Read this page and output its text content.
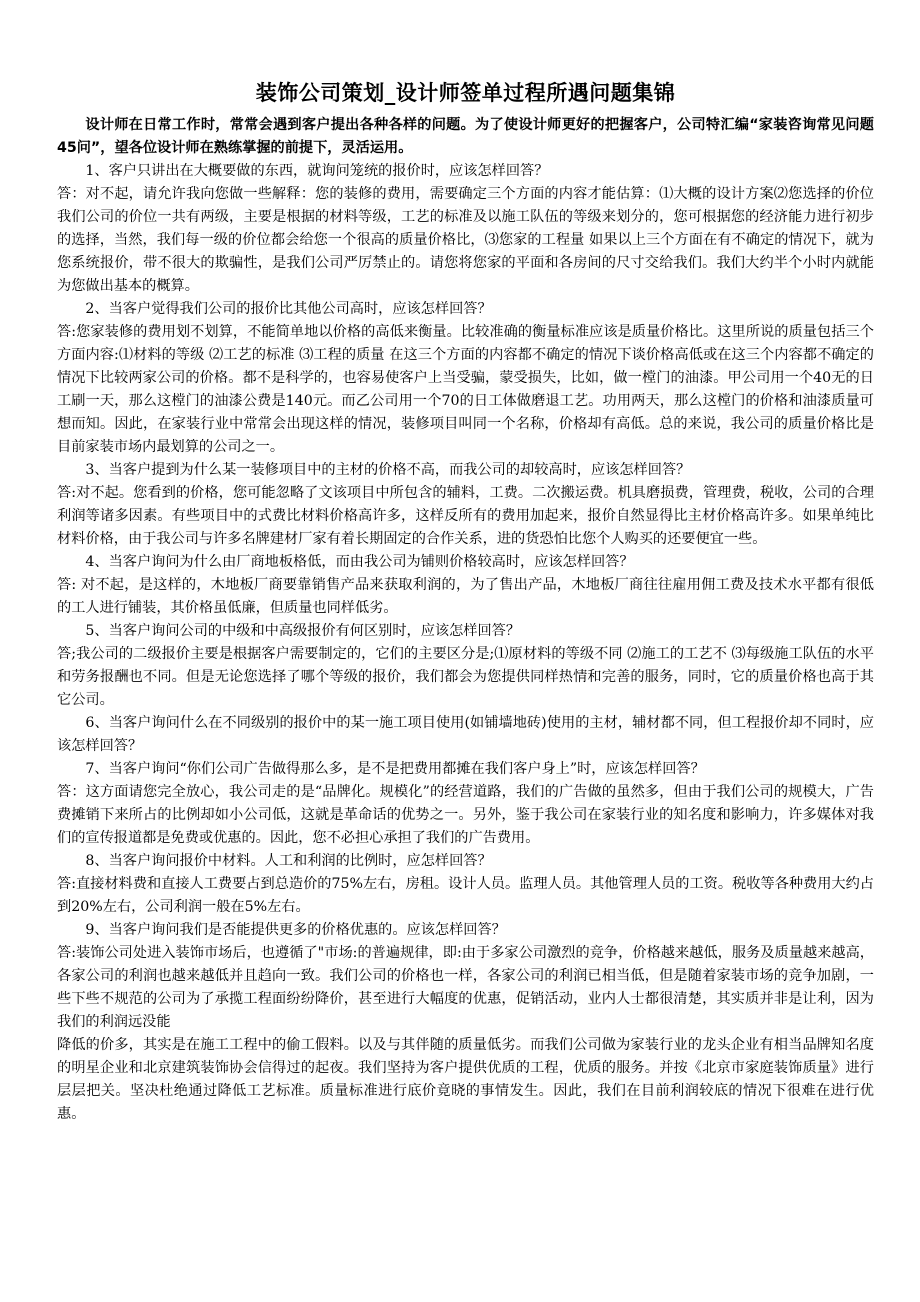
装饰公司策划_设计师签单过程所遇问题集锦

设计师在日常工作时，常常会遇到客户提出各种各样的问题。为了使设计师更好的把握客户，公司特汇编“家装咨询常见问题45问”，望各位设计师在熟练掌握的前提下，灵活运用。

1、客户只讲出在大概要做的东西，就询问笼统的报价时，应该怎样回答？

答：对不起，请允许我向您做一些解释：您的装修的费用，需要确定三个方面的内容才能估算：⑴大概的设计方案⑵您选择的价位我们公司的价位一共有两级，主要是根据的材料等级，工艺的标准及以施工队伍的等级来划分的，您可根据您的经济能力进行初步的选择，当然，我们每一级的价位都会给您一个很高的质量价格比，⑶您家的工程量 如果以上三个方面在有不确定的情况下，就为您系统报价，带不很大的欺骗性，是我们公司严厉禁止的。请您将您家的平面和各房间的尺寸交给我们。我们大约半个小时内就能为您做出基本的概算。

2、当客户觉得我们公司的报价比其他公司高时，应该怎样回答？

答:您家装修的费用划不划算，不能简单地以价格的高低来衡量。比较准确的衡量标准应该是质量价格比。这里所说的质量包括三个方面内容:⑴材料的等级 ⑵工艺的标准 ⑶工程的质量 在这三个方面的内容都不确定的情况下谈价格高低或在这三个内容都不确定的情况下比较两家公司的价格。都不是科学的，也容易使客户上当受骗，蒙受损失，比如，做一樘门的油漆。甲公司用一个40无的日工刷一天，那么这樘门的油漆公费是140元。而乙公司用一个70的日工体做磨退工艺。功用两天，那么这樘门的价格和油漆质量可想而知。因此，在家装行业中常常会出现这样的情况，装修项目叫同一个名称，价格却有高低。总的来说，我公司的质量价格比是目前家装市场内最划算的公司之一。

3、当客户提到为什么某一装修项目中的主材的价格不高，而我公司的却较高时，应该怎样回答？

答:对不起。您看到的价格，您可能忽略了文该项目中所包含的辅料，工费。二次搬运费。机具磨损费，管理费，税收，公司的合理利润等诸多因素。有些项目中的式费比材料价格高许多，这样反所有的费用加起来，报价自然显得比主材价格高许多。如果单纯比材料价格，由于我公司与许多名牌建材厂家有着长期固定的合作关系，进的货恐怕比您个人购买的还要便宜一些。

4、当客户询问为什么由厂商地板格低，而由我公司为铺则价格较高时，应该怎样回答？

答: 对不起，是这样的，木地板厂商要靠销售产品来获取利润的，为了售出产品，木地板厂商往往雇用佣工费及技术水平都有很低的工人进行铺装，其价格虽低廉，但质量也同样低劣。

5、当客户询问公司的中级和中高级报价有何区别时，应该怎样回答？

答;我公司的二级报价主要是根据客户需要制定的，它们的主要区分是;⑴原材料的等级不同 ⑵施工的工艺不 ⑶每级施工队伍的水平和劳务报酬也不同。但是无论您选择了哪个等级的报价，我们都会为您提供同样热情和完善的服务，同时，它的质量价格也高于其它公司。

6、当客户询问什么在不同级别的报价中的某一施工项目使用(如铺墙地砖)使用的主材，辅材都不同，但工程报价却不同时，应该怎样回答？

7、当客户询问“你们公司广告做得那么多，是不是把费用都摊在我们客户身上”时，应该怎样回答？

答：这方面请您完全放心，我公司走的是“品牌化。规模化”的经营道路，我们的广告做的虽然多，但由于我们公司的规模大，广告费摊销下来所占的比例却如小公司低，这就是革命话的优势之一。另外，鉴于我公司在家装行业的知名度和影响力，许多媒体对我们的宣传报道都是免费或优惠的。因此，您不必担心承担了我们的广告费用。

8、当客户询问报价中材料。人工和利润的比例时，应怎样回答？

答:直接材料费和直接人工费要占到总造价的75%左右，房租。设计人员。监理人员。其他管理人员的工资。税收等各种费用大约占到20%左右，公司利润一般在5%左右。

9、当客户询问我们是否能提供更多的价格优惠的。应该怎样回答？

答:装饰公司处进入装饰市场后，也遵循了"市场:的普遍规律，即:由于多家公司激烈的竞争，价格越来越低，服务及质量越来越高，各家公司的利润也越来越低并且趋向一致。我们公司的价格也一样，各家公司的利润已相当低，但是随着家装市场的竞争加剧，一些下些不规范的公司为了承揽工程面纷纷降价，甚至进行大幅度的优惠，促销活动，业内人士都很清楚，其实质并非是让利，因为我们的利润远没能

降低的价多，其实是在施工工程中的偷工假料。以及与其伴随的质量低劣。而我们公司做为家装行业的龙头企业有相当品牌知名度的明星企业和北京建筑装饰协会信得过的起夜。我们坚持为客户提供优质的工程，优质的服务。并按《北京市家庭装饰质量》进行层层把关。坚决杜绝通过降低工艺标准。质量标准进行底价竟晓的事情发生。因此，我们在目前利润较底的情况下很难在进行优惠。
